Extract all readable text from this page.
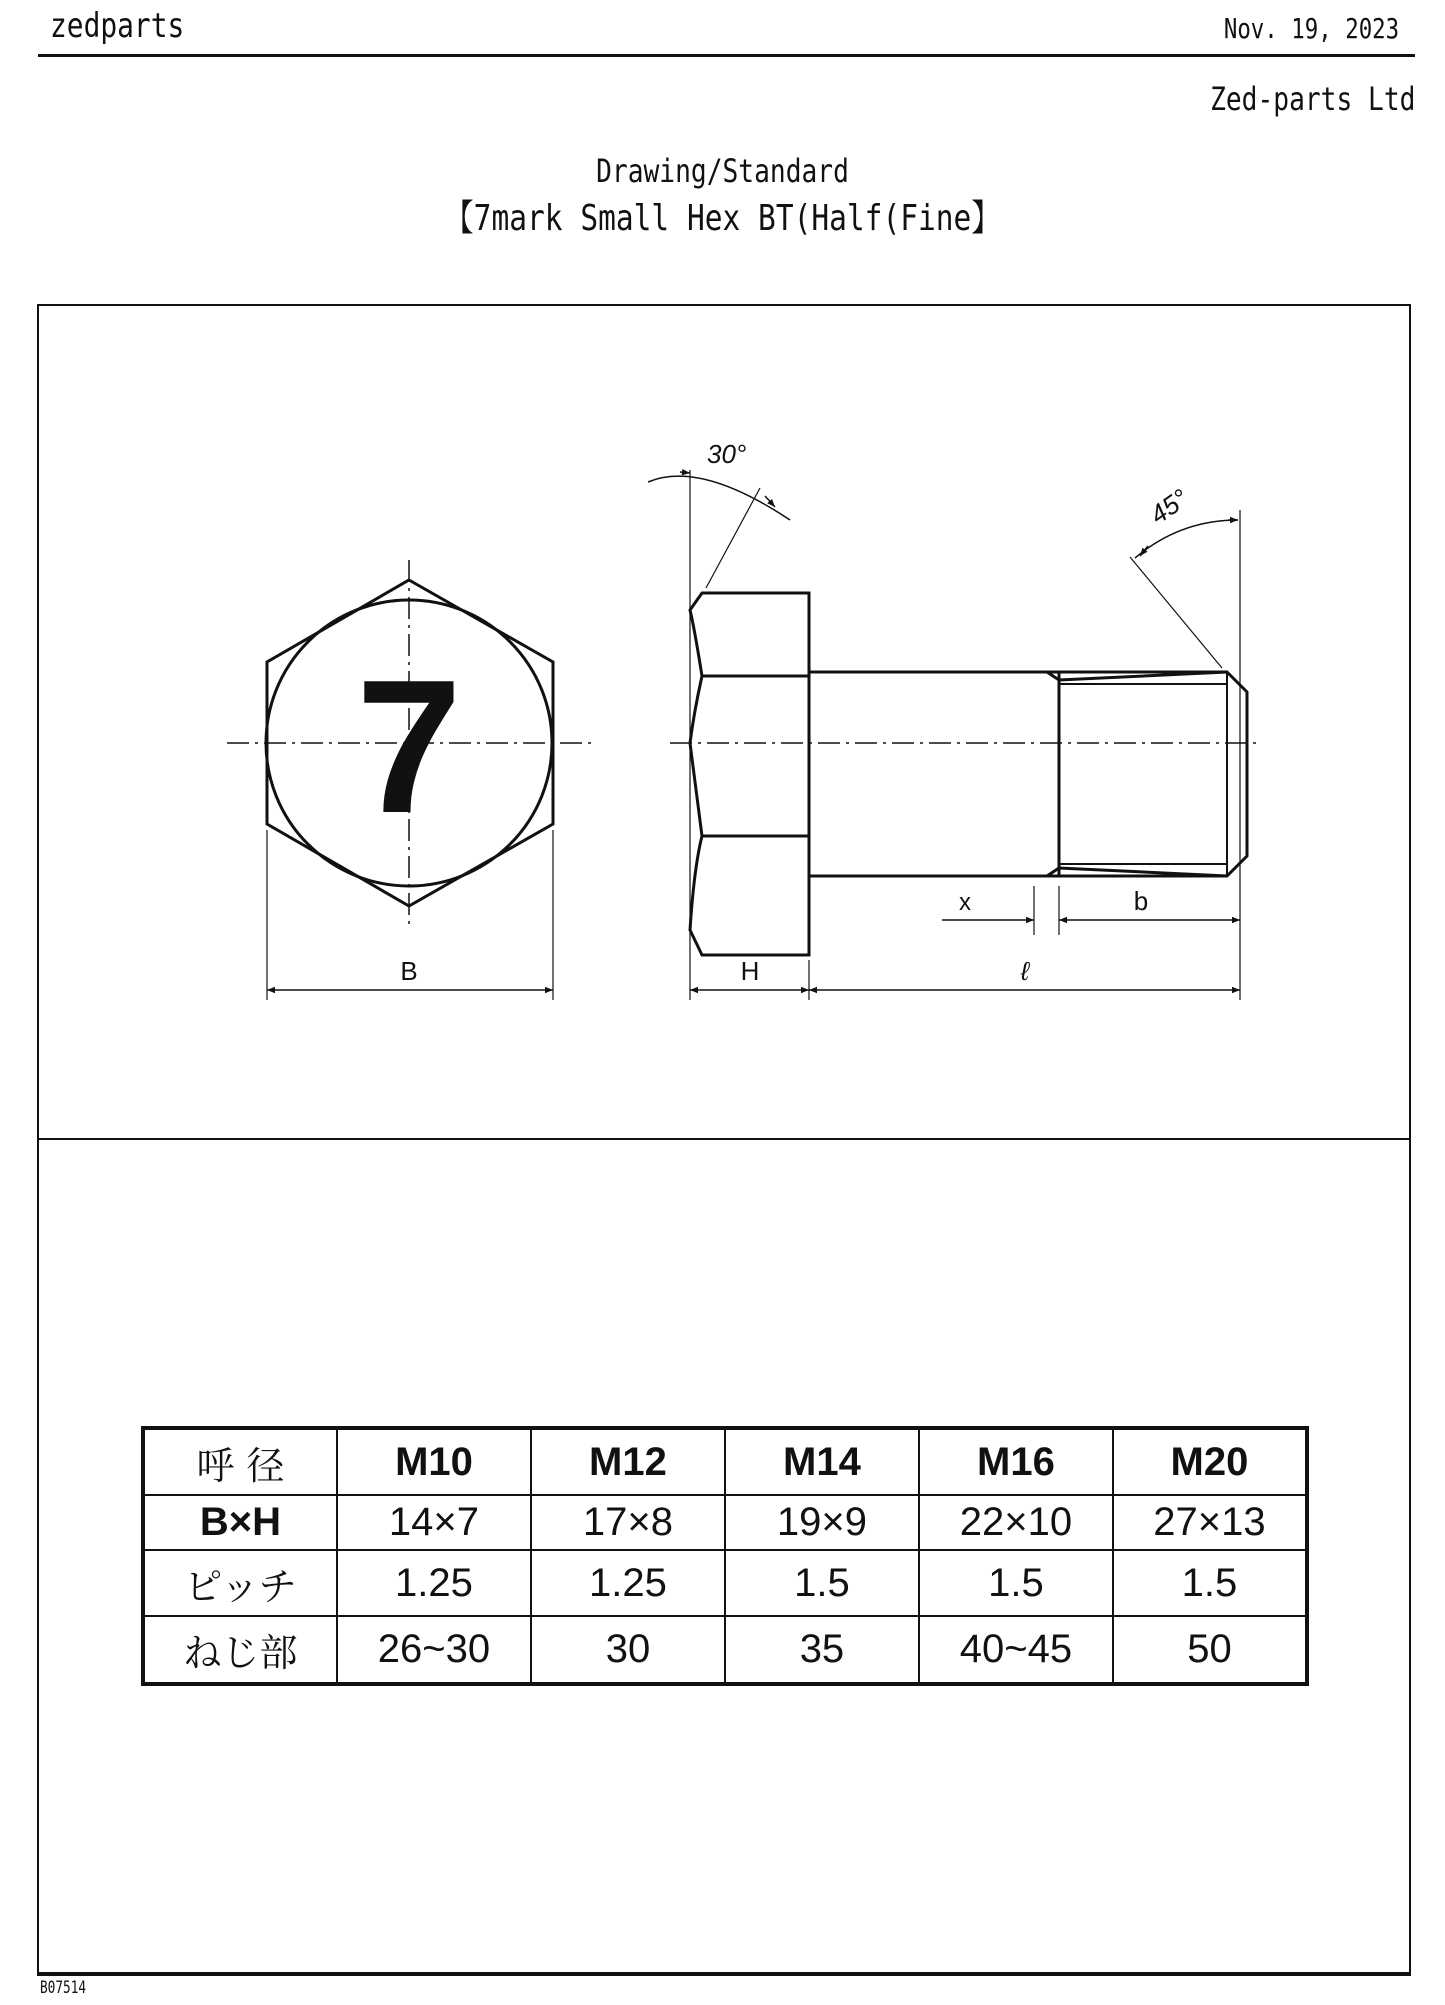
zedparts	Nov. 19, 2023
Zed-parts Ltd
Drawing/Standard
【7mark Small Hex BT(Half(Fine】
7
B	H	ℓ
x	b
30°
45°
呼 径	M10	M12	M14	M16	M20
B×H	14×7	17×8	19×9	22×10	27×13
ピッチ	1.25	1.25	1.5	1.5	1.5
ねじ部	26~30	30	35	40~45	50
B07514
